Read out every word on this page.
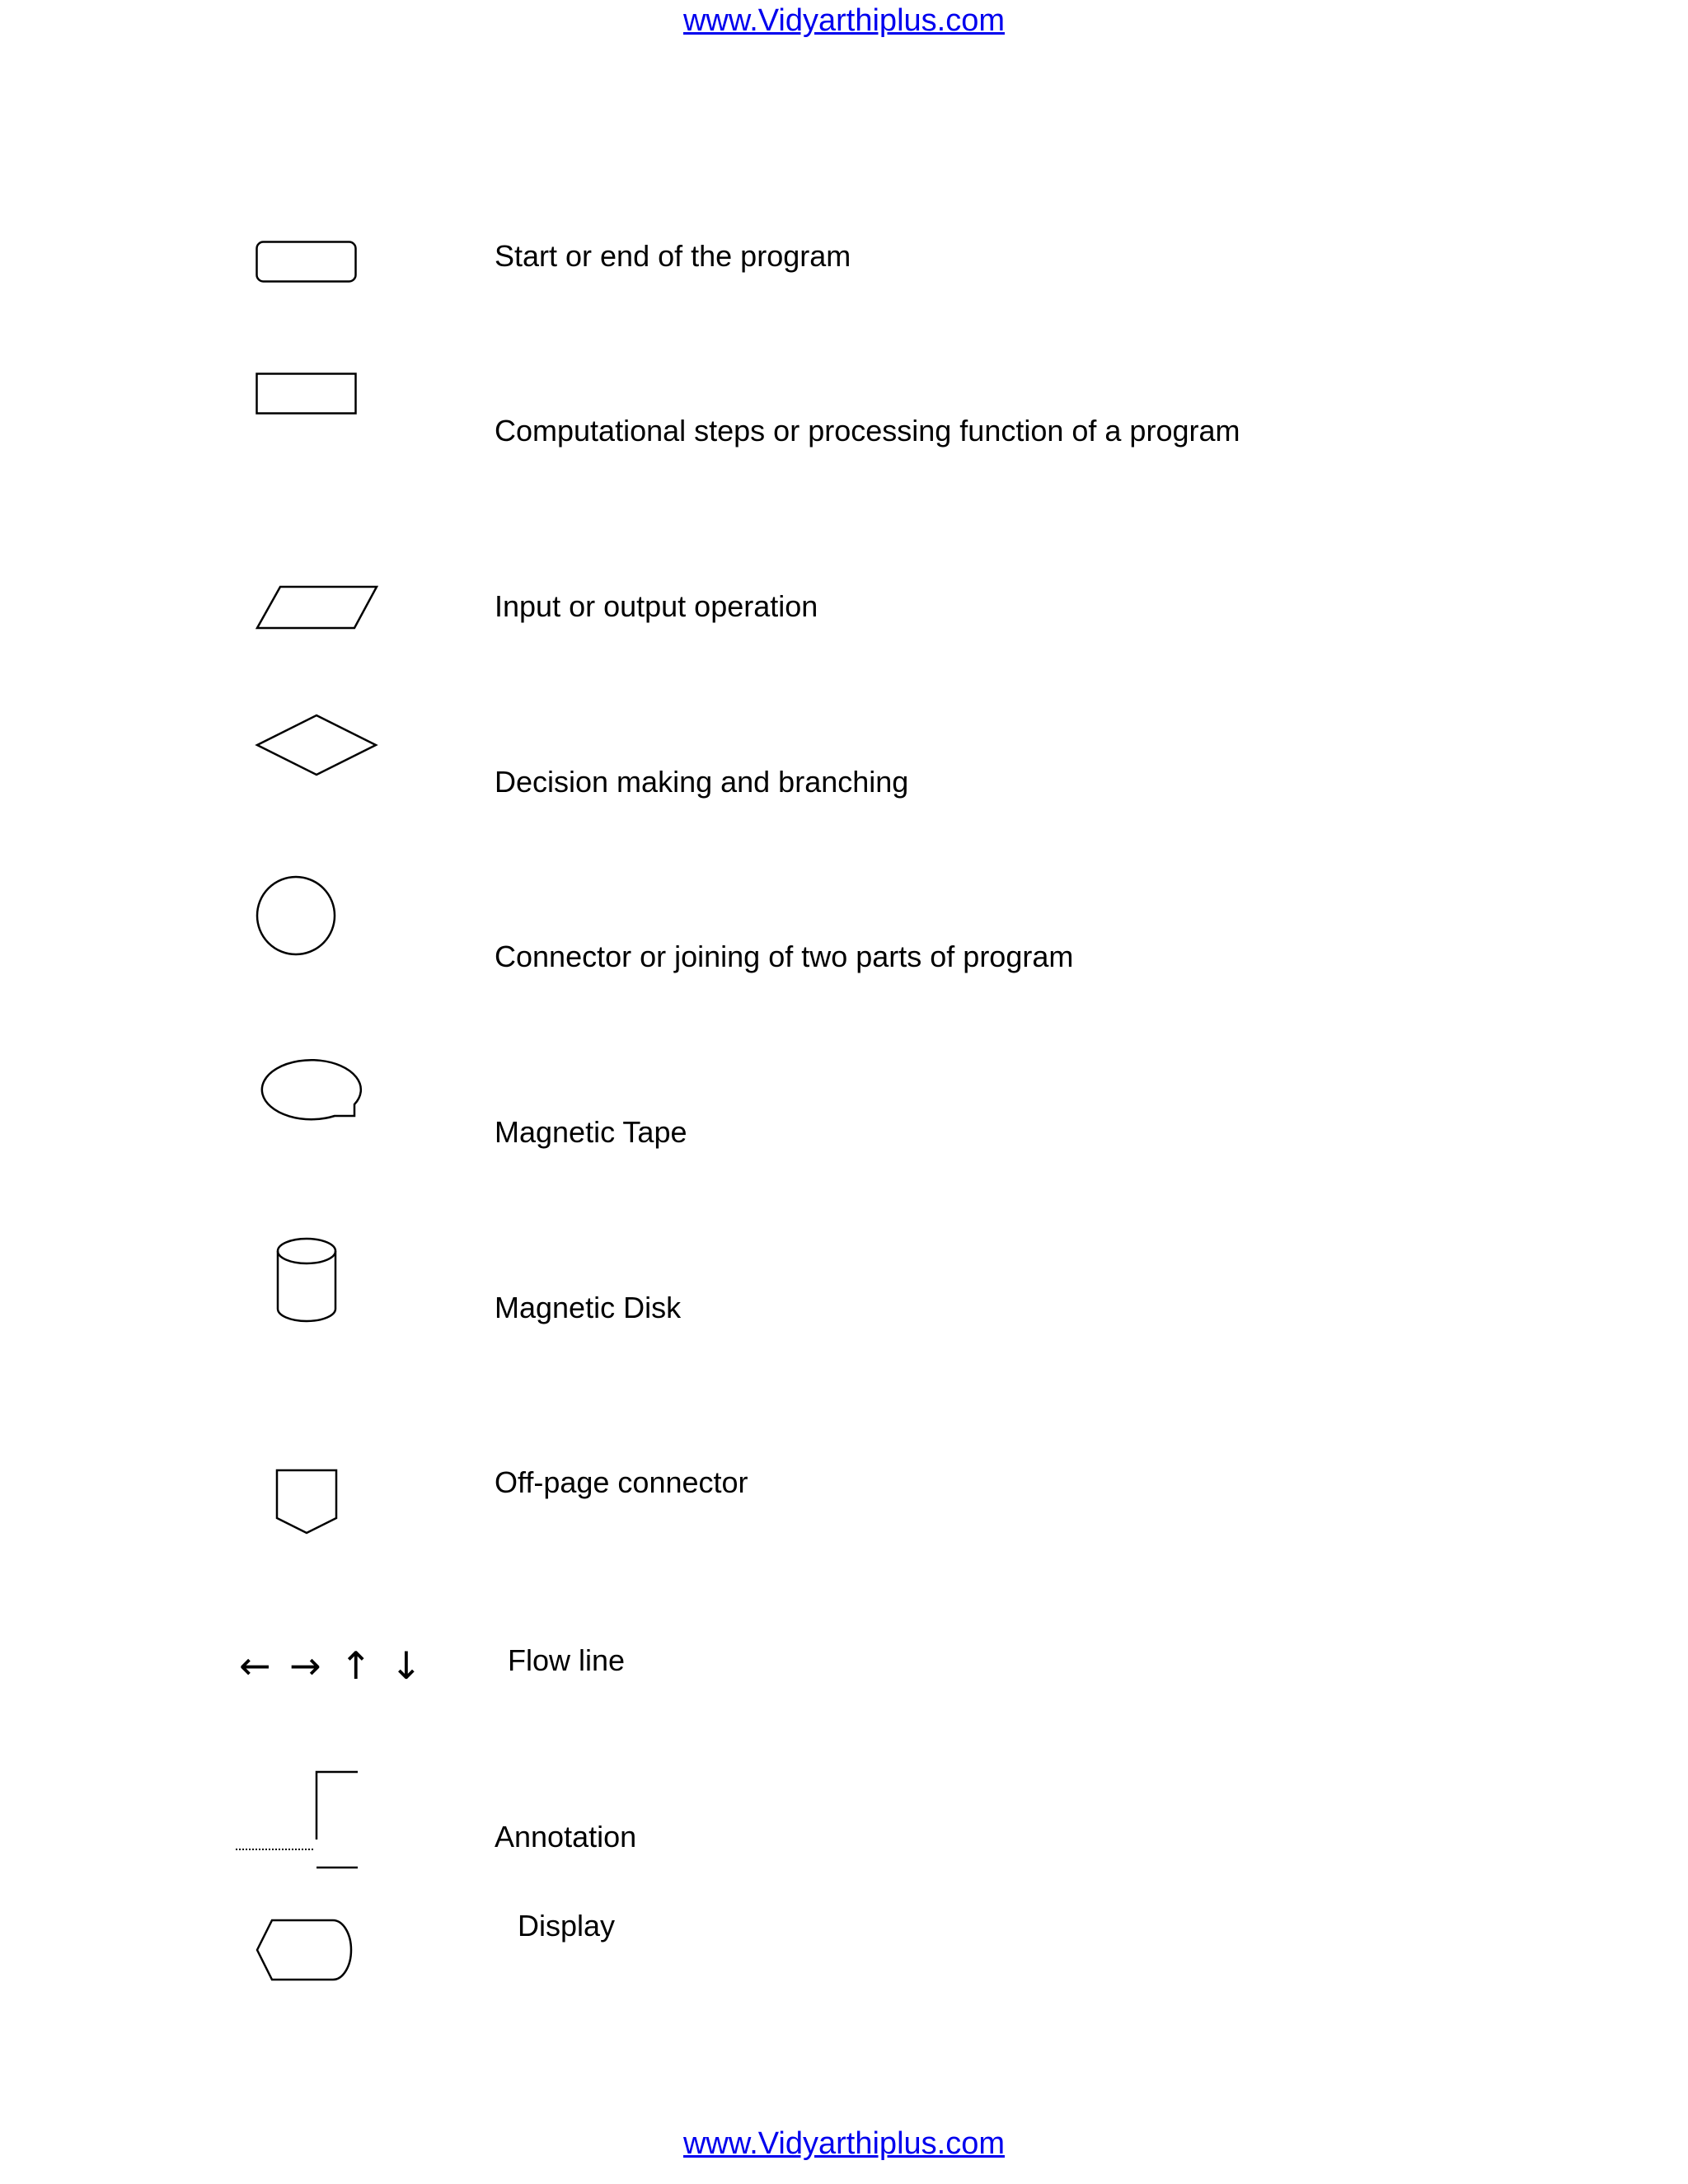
www.Vidyarthiplus.com
Start or end of the program
Computational steps or processing function of a program
Input or output operation
Decision making and branching
Connector or joining of two parts of program
Magnetic Tape
Magnetic Disk
Off-page connector
← → ↑ ↓	Flow line
Annotation
Display
www.Vidyarthiplus.com
